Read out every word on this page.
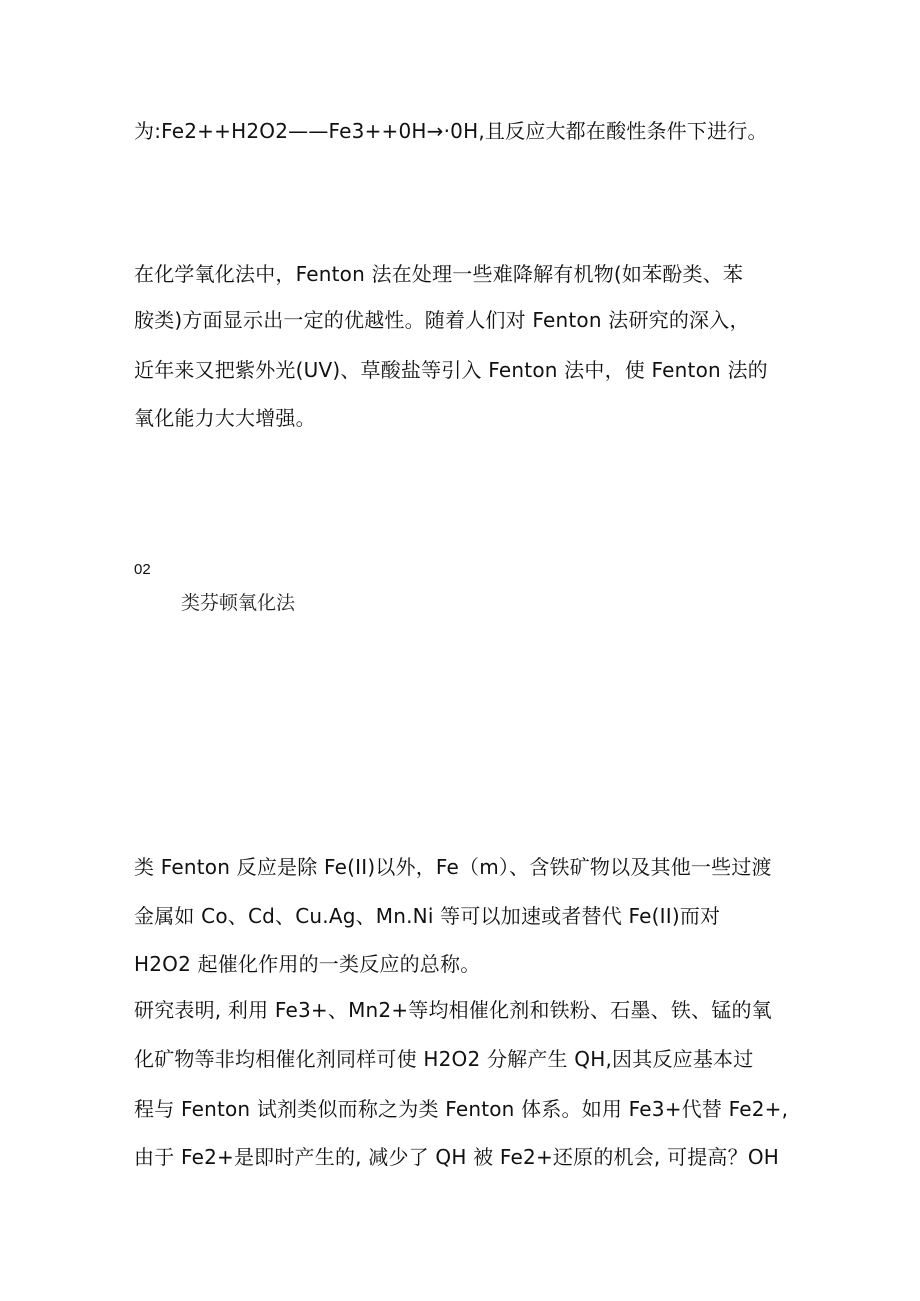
为:Fe2++H2O2——Fe3++0H→·0H,且反应大都在酸性条件下进行。
在化学氧化法中，Fenton 法在处理一些难降解有机物(如苯酚类、苯
胺类)方面显示出一定的优越性。随着人们对 Fenton 法研究的深入，
近年来又把紫外光(UV)、草酸盐等引入 Fenton 法中，使 Fenton 法的
氧化能力大大增强。
02
类芬顿氧化法
类 Fenton 反应是除 Fe(II)以外，Fe（m）、含铁矿物以及其他一些过渡
金属如 Co、Cd、Cu.Ag、Mn.Ni 等可以加速或者替代 Fe(II)而对
H2O2 起催化作用的一类反应的总称。
研究表明, 利用 Fe3+、Mn2+等均相催化剂和铁粉、石墨、铁、锰的氧
化矿物等非均相催化剂同样可使 H2O2 分解产生 QH,因其反应基本过
程与 Fenton 试剂类似而称之为类 Fenton 体系。如用 Fe3+代替 Fe2+,
由于 Fe2+是即时产生的, 减少了 QH 被 Fe2+还原的机会, 可提高？OH
